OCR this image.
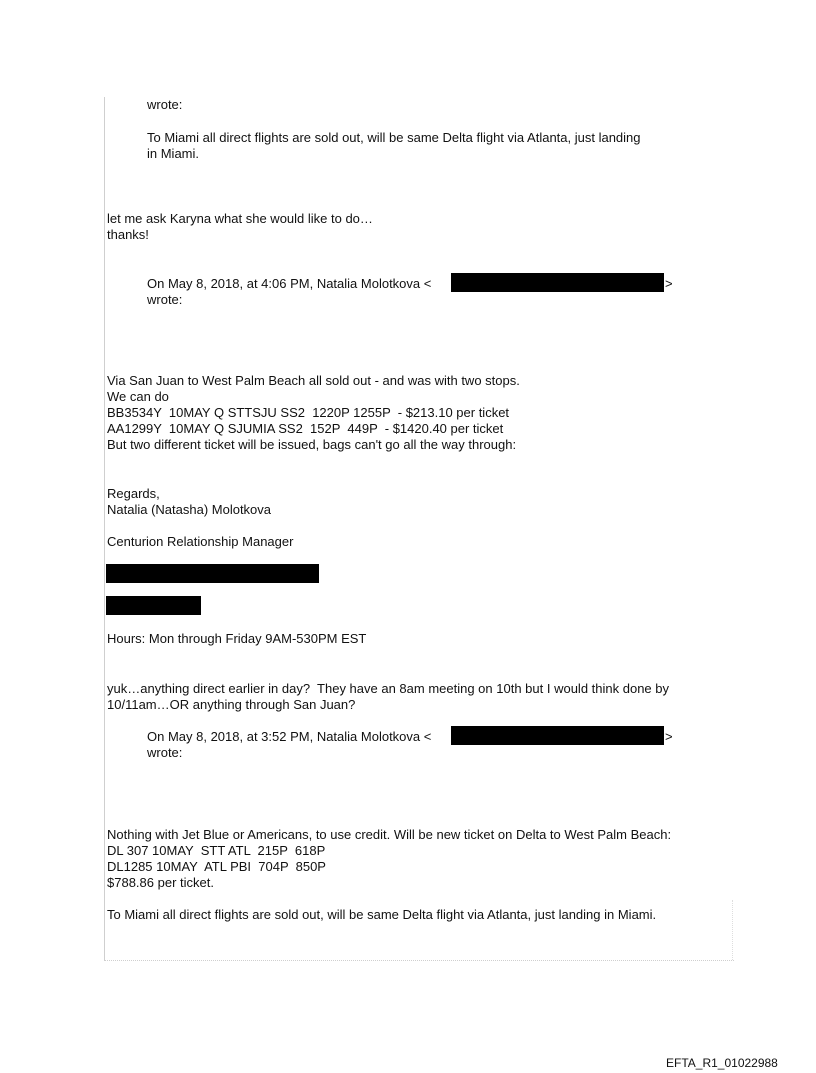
wrote:

To Miami all direct flights are sold out, will be same Delta flight via Atlanta, just landing

in Miami.

let me ask Karyna what she would like to do…

thanks!

On May 8, 2018, at 4:06 PM, Natalia Molotkova <	>

wrote:

Via San Juan to West Palm Beach all sold out - and was with two stops.

We can do

BB3534Y  10MAY Q STTSJU SS2  1220P 1255P  - $213.10 per ticket

AA1299Y  10MAY Q SJUMIA SS2  152P  449P  - $1420.40 per ticket

But two different ticket will be issued, bags can't go all the way through:

Regards,

Natalia (Natasha) Molotkova

Centurion Relationship Manager

Hours: Mon through Friday 9AM-530PM EST

yuk…anything direct earlier in day?  They have an 8am meeting on 10th but I would think done by

10/11am…OR anything through San Juan?

On May 8, 2018, at 3:52 PM, Natalia Molotkova <	>

wrote:

Nothing with Jet Blue or Americans, to use credit. Will be new ticket on Delta to West Palm Beach:

DL 307 10MAY  STT ATL  215P  618P

DL1285 10MAY  ATL PBI  704P  850P

$788.86 per ticket.

To Miami all direct flights are sold out, will be same Delta flight via Atlanta, just landing in Miami.

EFTA_R1_01022988
